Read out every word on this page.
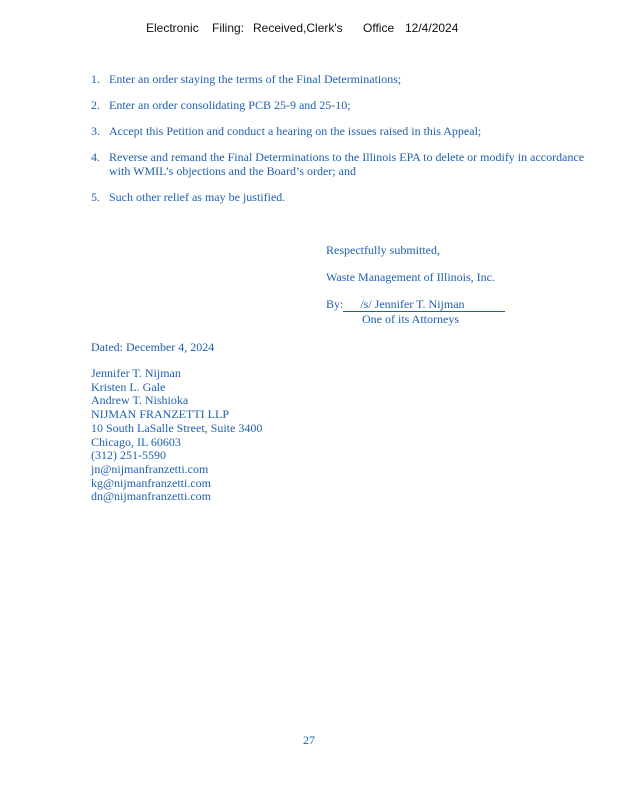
Electronic Filing: Received,Clerk's Office 12/4/2024
1. Enter an order staying the terms of the Final Determinations;
2. Enter an order consolidating PCB 25-9 and 25-10;
3. Accept this Petition and conduct a hearing on the issues raised in this Appeal;
4. Reverse and remand the Final Determinations to the Illinois EPA to delete or modify in accordance with WMIL’s objections and the Board’s order; and
5. Such other relief as may be justified.
Respectfully submitted,
Waste Management of Illinois, Inc.
By: /s/ Jennifer T. Nijman
One of its Attorneys
Dated: December 4, 2024
Jennifer T. Nijman
Kristen L. Gale
Andrew T. Nishioka
NIJMAN FRANZETTI LLP
10 South LaSalle Street, Suite 3400
Chicago, IL 60603
(312) 251-5590
jn@nijmanfranzetti.com
kg@nijmanfranzetti.com
dn@nijmanfranzetti.com
27
